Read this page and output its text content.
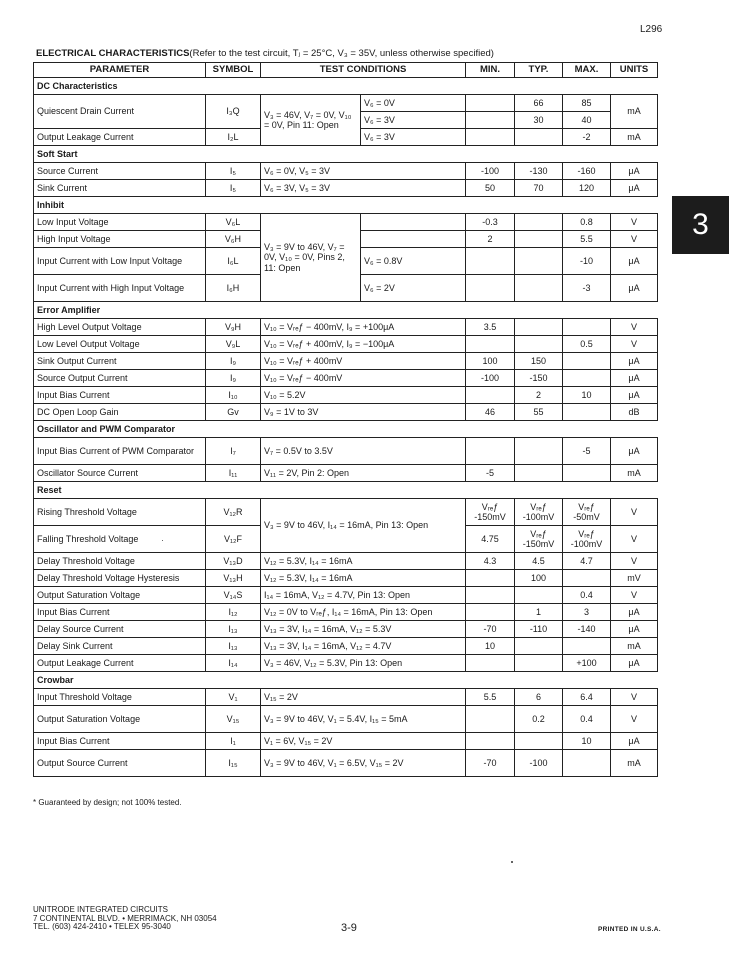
L296
ELECTRICAL CHARACTERISTICS(Refer to the test circuit, Tⱼ = 25°C, V₃ = 35V, unless otherwise specified)
PARAMETER	SYMBOL	TEST CONDITIONS		MIN.	TYP.	MAX.	UNITS
DC Characteristics							
Quiescent Drain Current	I₃Q	V₃ = 46V, V₇ = 0V, V₁₀ = 0V, Pin 11: Open	V₆ = 0V		66	85	mA
			V₆ = 3V		30	40	
Output Leakage Current	I₂L		V₆ = 3V			-2	mA
Soft Start							
Source Current	I₅	V₆ = 0V, V₅ = 3V		-100	-130	-160	μA
Sink Current	I₅	V₆ = 3V, V₅ = 3V		50	70	120	μA
Inhibit							
Low Input Voltage	V₆L	V₃ = 9V to 46V, V₇ = 0V, V₁₀ = 0V, Pins 2, 11: Open		-0.3		0.8	V
High Input Voltage	V₆H			2		5.5	V
Input Current with Low Input Voltage	I₆L		V₆ = 0.8V			-10	μA
Input Current with High Input Voltage	I₆H		V₆ = 2V			-3	μA
Error Amplifier							
High Level Output Voltage	V₉H	V₁₀ = Vᵣₑƒ − 400mV, I₉ = +100μA		3.5			V
Low Level Output Voltage	V₉L	V₁₀ = Vᵣₑƒ + 400mV, I₉ = −100μA				0.5	V
Sink Output Current	I₉	V₁₀ = Vᵣₑƒ + 400mV		100	150		μA
Source Output Current	I₉	V₁₀ = Vᵣₑƒ − 400mV		-100	-150		μA
Input Bias Current	I₁₀	V₁₀ = 5.2V			2	10	μA
DC Open Loop Gain	Gv	V₉ = 1V to 3V		46	55		dB
Oscillator and PWM Comparator							
Input Bias Current of PWM Comparator	I₇	V₇ = 0.5V to 3.5V				-5	μA
Oscillator Source Current	I₁₁	V₁₁ = 2V, Pin 2: Open		-5			mA
Reset							
Rising Threshold Voltage	V₁₂R	V₃ = 9V to 46V, I₁₄ = 16mA, Pin 13: Open		Vᵣₑƒ -150mV	Vᵣₑƒ -100mV	Vᵣₑƒ -50mV	V
Falling Threshold Voltage	V₁₂F			4.75	Vᵣₑƒ -150mV	Vᵣₑƒ -100mV	V
Delay Threshold Voltage	V₁₃D	V₁₂ = 5.3V, I₁₄ = 16mA		4.3	4.5	4.7	V
Delay Threshold Voltage Hysteresis	V₁₃H	V₁₂ = 5.3V, I₁₄ = 16mA			100		mV
Output Saturation Voltage	V₁₄S	I₁₄ = 16mA, V₁₂ = 4.7V, Pin 13: Open				0.4	V
Input Bias Current	I₁₂	V₁₂ = 0V to Vᵣₑƒ, I₁₄ = 16mA, Pin 13: Open			1	3	μA
Delay Source Current	I₁₃	V₁₃ = 3V, I₁₄ = 16mA, V₁₂ = 5.3V		-70	-110	-140	μA
Delay Sink Current	I₁₃	V₁₃ = 3V, I₁₄ = 16mA, V₁₂ = 4.7V		10			mA
Output Leakage Current	I₁₄	V₃ = 46V, V₁₂ = 5.3V, Pin 13: Open				+100	μA
Crowbar							
Input Threshold Voltage	V₁	V₁₅ = 2V		5.5	6	6.4	V
Output Saturation Voltage	V₁₅	V₃ = 9V to 46V, V₁ = 5.4V, I₁₅ = 5mA			0.2	0.4	V
Input Bias Current	I₁	V₁ = 6V, V₁₅ = 2V				10	μA
Output Source Current	I₁₅	V₃ = 9V to 46V, V₁ = 6.5V, V₁₅ = 2V		-70	-100		mA
3
* Guaranteed by design; not 100% tested.
UNITRODE INTEGRATED CIRCUITS
7 CONTINENTAL BLVD. • MERRIMACK, NH 03054
TEL. (603) 424-2410 • TELEX 95-3040	3-9	PRINTED IN U.S.A.
